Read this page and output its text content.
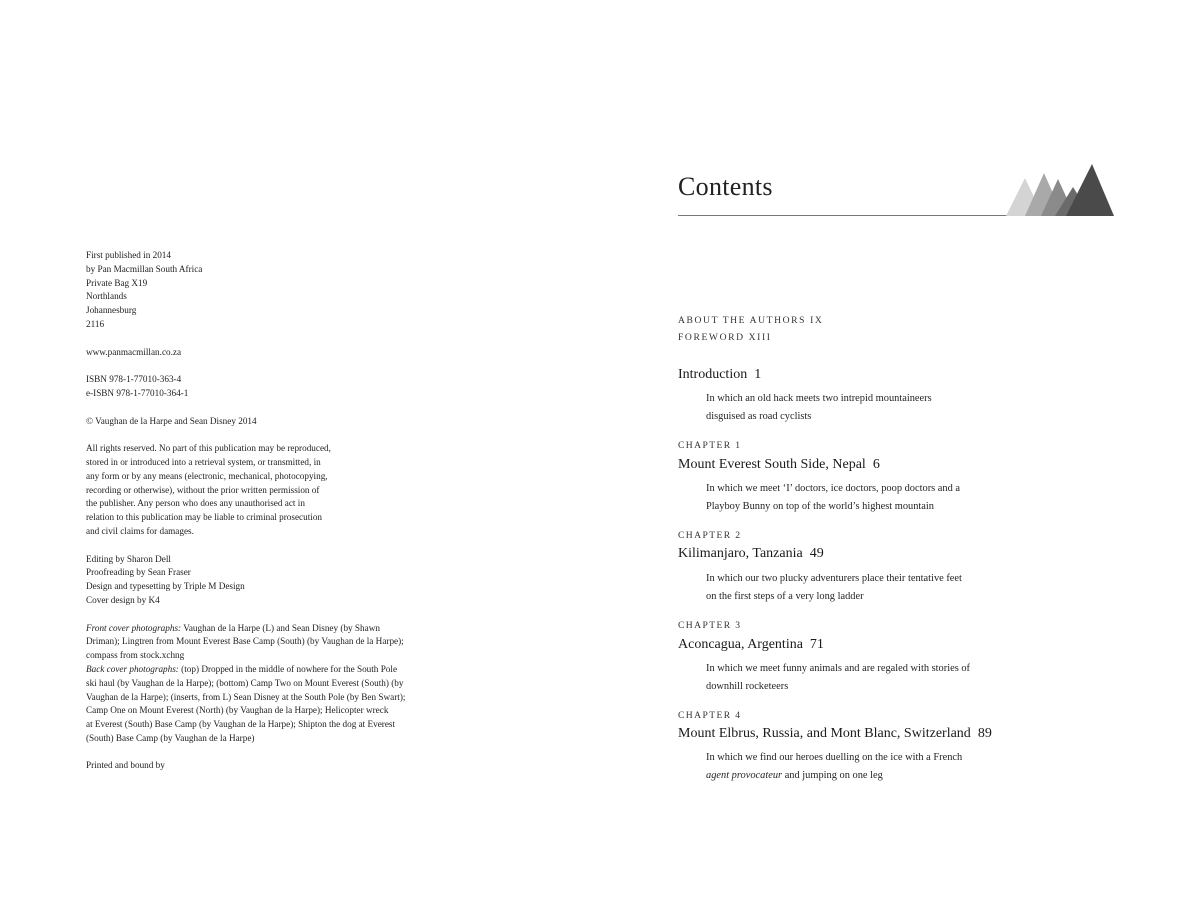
First published in 2014
by Pan Macmillan South Africa
Private Bag X19
Northlands
Johannesburg
2116
www.panmacmillan.co.za
ISBN 978-1-77010-363-4
e-ISBN 978-1-77010-364-1
© Vaughan de la Harpe and Sean Disney 2014
All rights reserved. No part of this publication may be reproduced,
stored in or introduced into a retrieval system, or transmitted, in
any form or by any means (electronic, mechanical, photocopying,
recording or otherwise), without the prior written permission of
the publisher. Any person who does any unauthorised act in
relation to this publication may be liable to criminal prosecution
and civil claims for damages.
Editing by Sharon Dell
Proofreading by Sean Fraser
Design and typesetting by Triple M Design
Cover design by K4
Front cover photographs: Vaughan de la Harpe (L) and Sean Disney (by Shawn
Driman); Lingtren from Mount Everest Base Camp (South) (by Vaughan de la Harpe);
compass from stock.xchng
Back cover photographs: (top) Dropped in the middle of nowhere for the South Pole
ski haul (by Vaughan de la Harpe); (bottom) Camp Two on Mount Everest (South) (by
Vaughan de la Harpe); (inserts, from L) Sean Disney at the South Pole (by Ben Swart);
Camp One on Mount Everest (North) (by Vaughan de la Harpe); Helicopter wreck
at Everest (South) Base Camp (by Vaughan de la Harpe); Shipton the dog at Everest
(South) Base Camp (by Vaughan de la Harpe)
Printed and bound by
Contents
ABOUT THE AUTHORS IX
FOREWORD XIII
Introduction 1
In which an old hack meets two intrepid mountaineers
disguised as road cyclists
CHAPTER 1
Mount Everest South Side, Nepal 6
In which we meet ‘I’ doctors, ice doctors, poop doctors and a
Playboy Bunny on top of the world’s highest mountain
CHAPTER 2
Kilimanjaro, Tanzania 49
In which our two plucky adventurers place their tentative feet
on the first steps of a very long ladder
CHAPTER 3
Aconcagua, Argentina 71
In which we meet funny animals and are regaled with stories of
downhill rocketeers
CHAPTER 4
Mount Elbrus, Russia, and Mont Blanc, Switzerland 89
In which we find our heroes duelling on the ice with a French
agent provocateur and jumping on one leg
